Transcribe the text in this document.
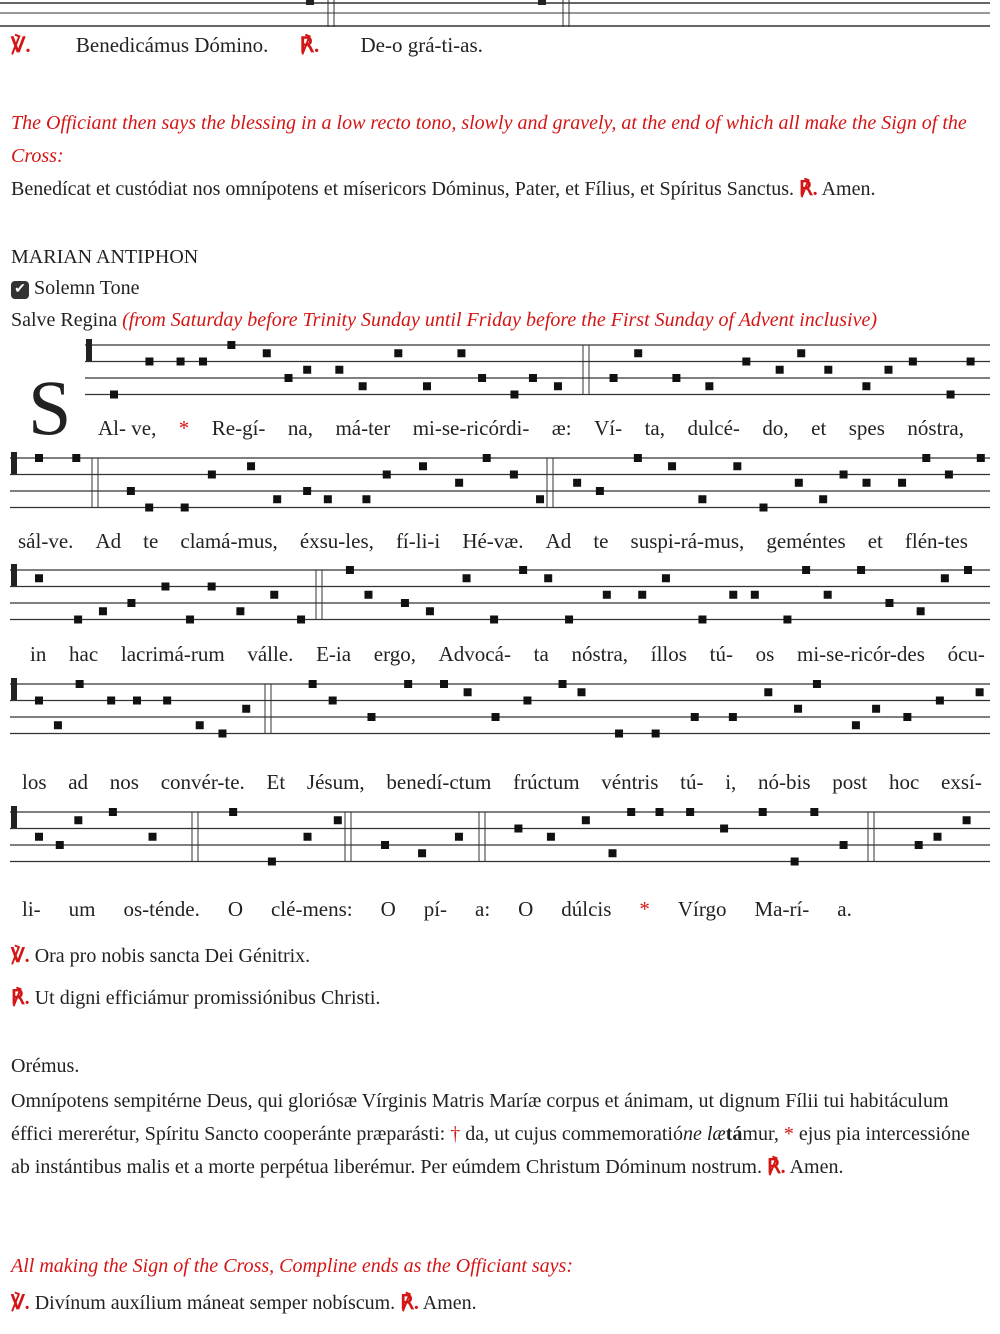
℣. Benedicámus Dómino. ℟. De-o grá-ti-as.
The Officiant then says the blessing in a low recto tono, slowly and gravely, at the end of which all make the Sign of the Cross:
Benedícat et custódiat nos omnípotens et mísericors Dóminus, Pater, et Fílius, et Spíritus Sanctus. ℟. Amen.
MARIAN ANTIPHON
✔ Solemn Tone
Salve Regina (from Saturday before Trinity Sunday until Friday before the First Sunday of Advent inclusive)
S Al- ve, * Re-gí- na, má-ter mi-se-ricórdi- æ: Ví- ta, dulcé- do, et spes nóstra,
sál-ve. Ad te clamá-mus, éxsu-les, fí-li-i Hé-væ. Ad te suspi-rá-mus, geméntes et flén-tes
in hac lacrimá-rum válle. E-ia ergo, Advocá- ta nóstra, íllos tú- os mi-se-ricór-des ócu-
los ad nos convér-te. Et Jésum, benedí-ctum frúctum véntris tú- i, nó-bis post hoc exsí-
li- um os-ténde. O clé-mens: O pí- a: O dúlcis * Vírgo Ma-rí- a.
℣. Ora pro nobis sancta Dei Génitrix.
℟. Ut digni efficiámur promissiónibus Christi.
Orémus.
Omnípotens sempitérne Deus, qui gloriósæ Vírginis Matris Maríæ corpus et ánimam, ut dignum Fílii tui habitáculum éffici mererétur, Spíritu Sancto cooperánte præparásti: † da, ut cujus commemoratióne lætámur, * ejus pia intercessióne ab instántibus malis et a morte perpétua liberémur. Per eúmdem Christum Dóminum nostrum. ℟. Amen.
All making the Sign of the Cross, Compline ends as the Officiant says:
℣. Divínum auxílium máneat semper nobíscum. ℟. Amen.
